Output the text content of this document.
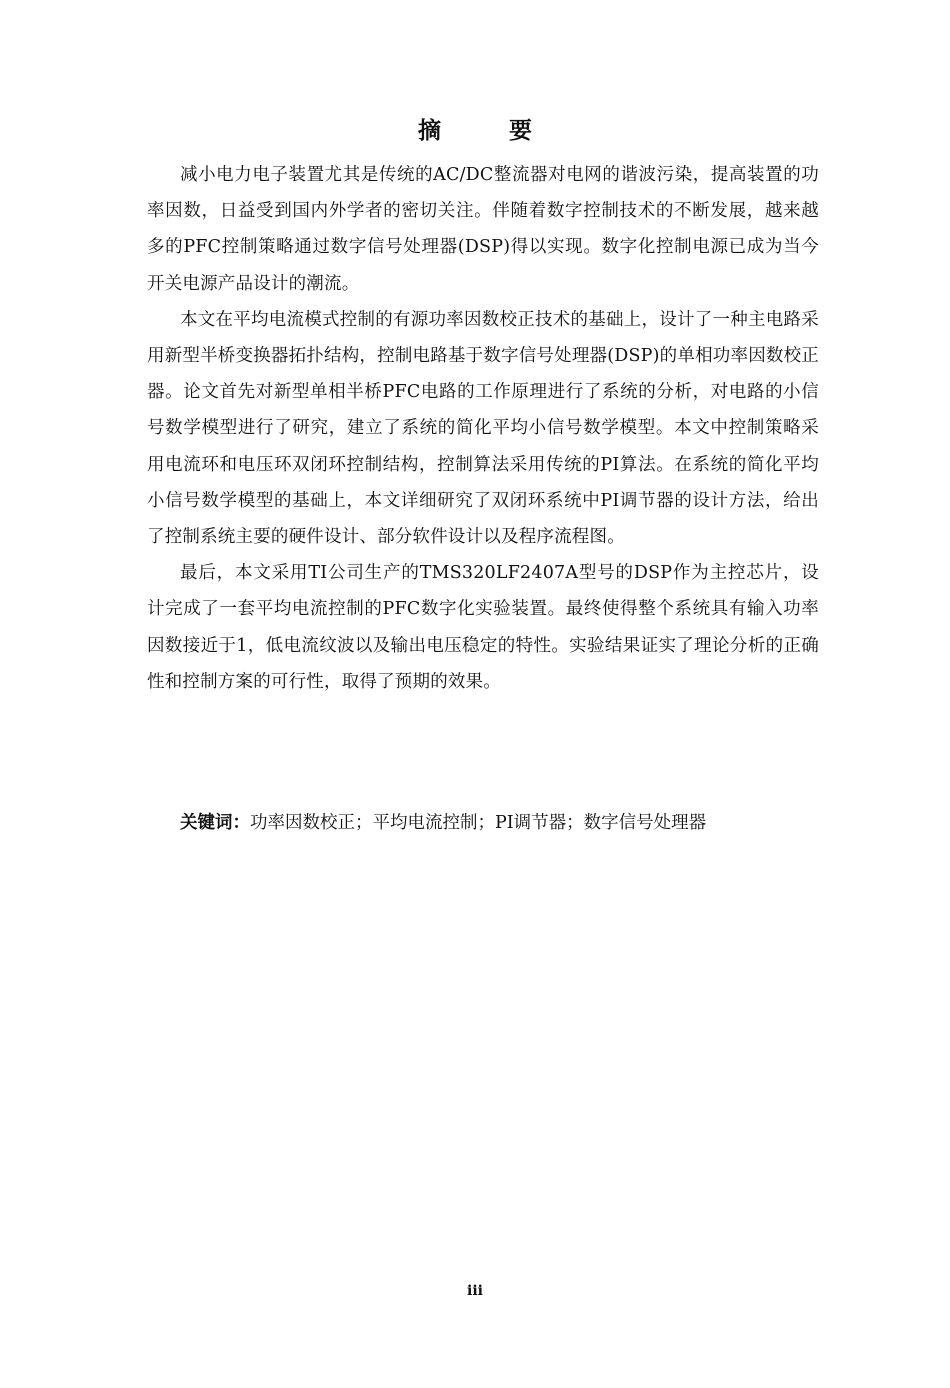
摘 要

减小电力电子装置尤其是传统的AC/DC整流器对电网的谐波污染，提高装置的功率因数，日益受到国内外学者的密切关注。伴随着数字控制技术的不断发展，越来越多的PFC控制策略通过数字信号处理器(DSP)得以实现。数字化控制电源已成为当今开关电源产品设计的潮流。

本文在平均电流模式控制的有源功率因数校正技术的基础上，设计了一种主电路采用新型半桥变换器拓扑结构，控制电路基于数字信号处理器(DSP)的单相功率因数校正器。论文首先对新型单相半桥PFC电路的工作原理进行了系统的分析，对电路的小信号数学模型进行了研究，建立了系统的简化平均小信号数学模型。本文中控制策略采用电流环和电压环双闭环控制结构，控制算法采用传统的PI算法。在系统的简化平均小信号数学模型的基础上，本文详细研究了双闭环系统中PI调节器的设计方法，给出了控制系统主要的硬件设计、部分软件设计以及程序流程图。

最后，本文采用TI公司生产的TMS320LF2407A型号的DSP作为主控芯片，设计完成了一套平均电流控制的PFC数字化实验装置。最终使得整个系统具有输入功率因数接近于1，低电流纹波以及输出电压稳定的特性。实验结果证实了理论分析的正确性和控制方案的可行性，取得了预期的效果。

关键词：功率因数校正；平均电流控制；PI调节器；数字信号处理器

iii
